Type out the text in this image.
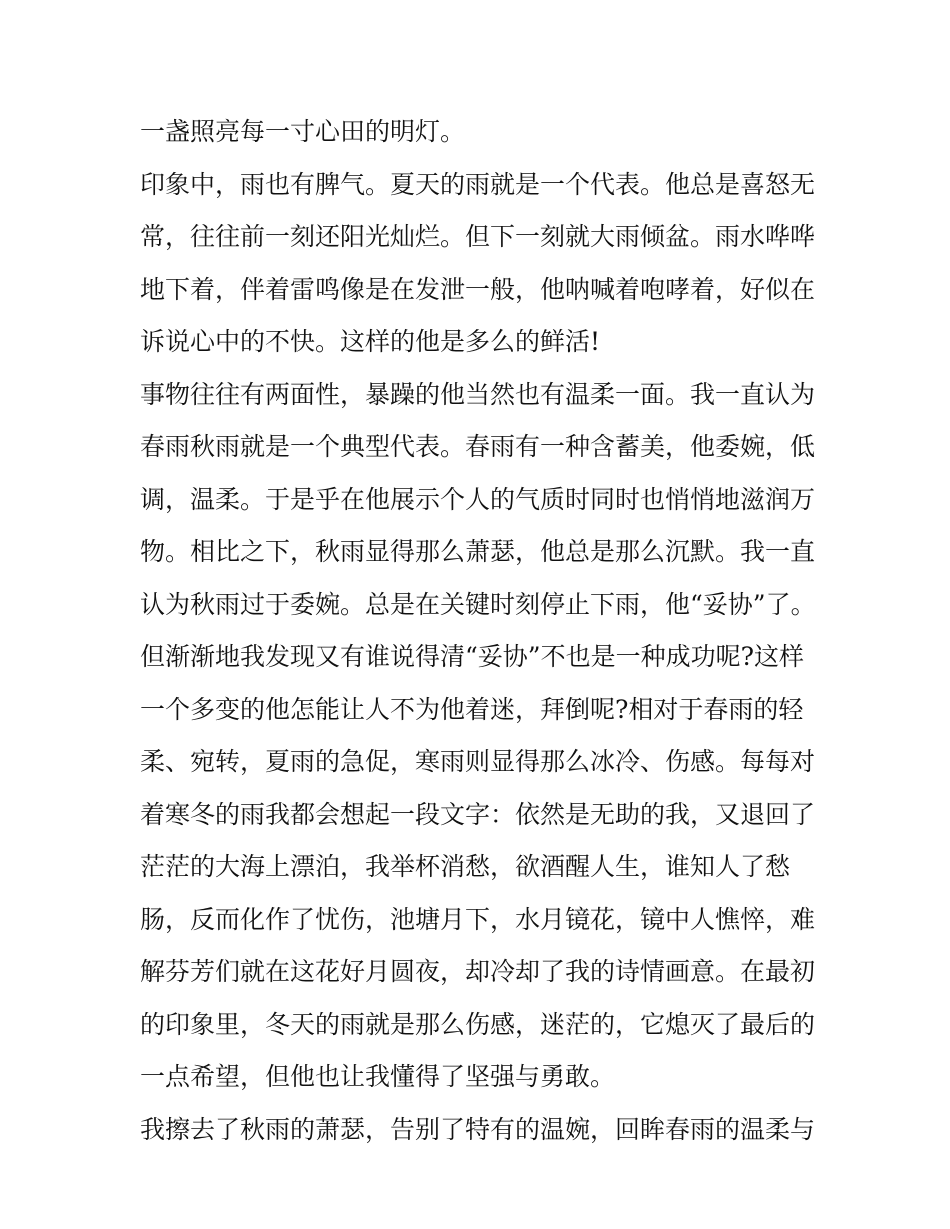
一盏照亮每一寸心田的明灯。
印象中，雨也有脾气。夏天的雨就是一个代表。他总是喜怒无
常，往往前一刻还阳光灿烂。但下一刻就大雨倾盆。雨水哗哗
地下着，伴着雷鸣像是在发泄一般，他呐喊着咆哮着，好似在
诉说心中的不快。这样的他是多么的鲜活!
事物往往有两面性，暴躁的他当然也有温柔一面。我一直认为
春雨秋雨就是一个典型代表。春雨有一种含蓄美，他委婉，低
调，温柔。于是乎在他展示个人的气质时同时也悄悄地滋润万
物。相比之下，秋雨显得那么萧瑟，他总是那么沉默。我一直
认为秋雨过于委婉。总是在关键时刻停止下雨，他“妥协”了。
但渐渐地我发现又有谁说得清“妥协”不也是一种成功呢?这样
一个多变的他怎能让人不为他着迷，拜倒呢?相对于春雨的轻
柔、宛转，夏雨的急促，寒雨则显得那么冰冷、伤感。每每对
着寒冬的雨我都会想起一段文字：依然是无助的我，又退回了
茫茫的大海上漂泊，我举杯消愁，欲酒醒人生，谁知人了愁
肠，反而化作了忧伤，池塘月下，水月镜花，镜中人憔悴，难
解芬芳们就在这花好月圆夜，却冷却了我的诗情画意。在最初
的印象里，冬天的雨就是那么伤感，迷茫的，它熄灭了最后的
一点希望，但他也让我懂得了坚强与勇敢。
我擦去了秋雨的萧瑟，告别了特有的温婉，回眸春雨的温柔与
